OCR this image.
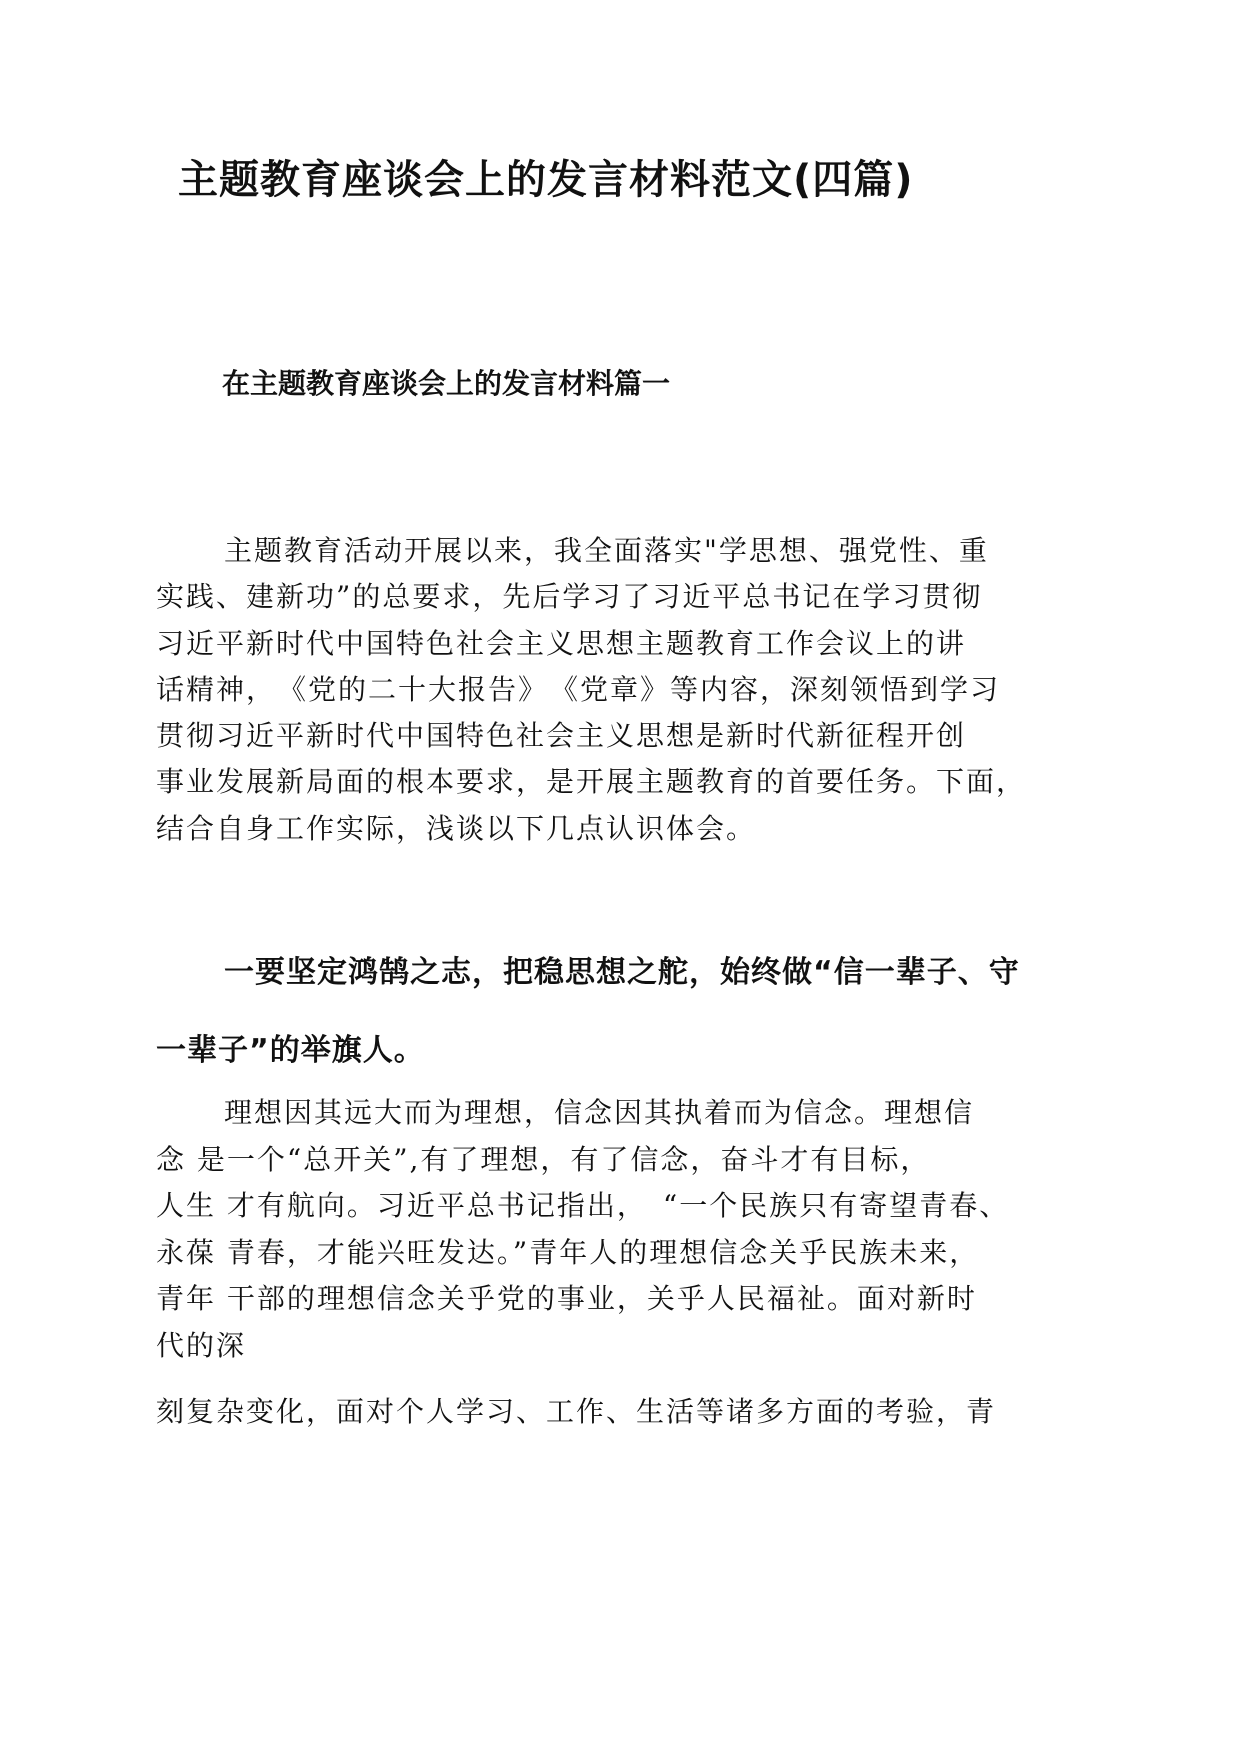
主题教育座谈会上的发言材料范文(四篇)
在主题教育座谈会上的发言材料篇一
主题教育活动开展以来，我全面落实"学思想、强党性、重
实践、建新功”的总要求，先后学习了习近平总书记在学习贯彻
习近平新时代中国特色社会主义思想主题教育工作会议上的讲
话精神，　《党的二十大报告》　《党章》等内容，深刻领悟到学习
贯彻习近平新时代中国特色社会主义思想是新时代新征程开创
事业发展新局面的根本要求，是开展主题教育的首要任务。下面，
结合自身工作实际，浅谈以下几点认识体会。
一要坚定鸿鹄之志，把稳思想之舵，始终做“信一辈子、守
一辈子”的举旗人。
理想因其远大而为理想，信念因其执着而为信念。理想信
念 是一个“总开关”,有了理想，有了信念，奋斗才有目标，
人生 才有航向。习近平总书记指出，　“一个民族只有寄望青春、
永葆 青春，才能兴旺发达。”青年人的理想信念关乎民族未来，
青年 干部的理想信念关乎党的事业，关乎人民福祉。面对新时
代的深
刻复杂变化，面对个人学习、工作、生活等诸多方面的考验，青
